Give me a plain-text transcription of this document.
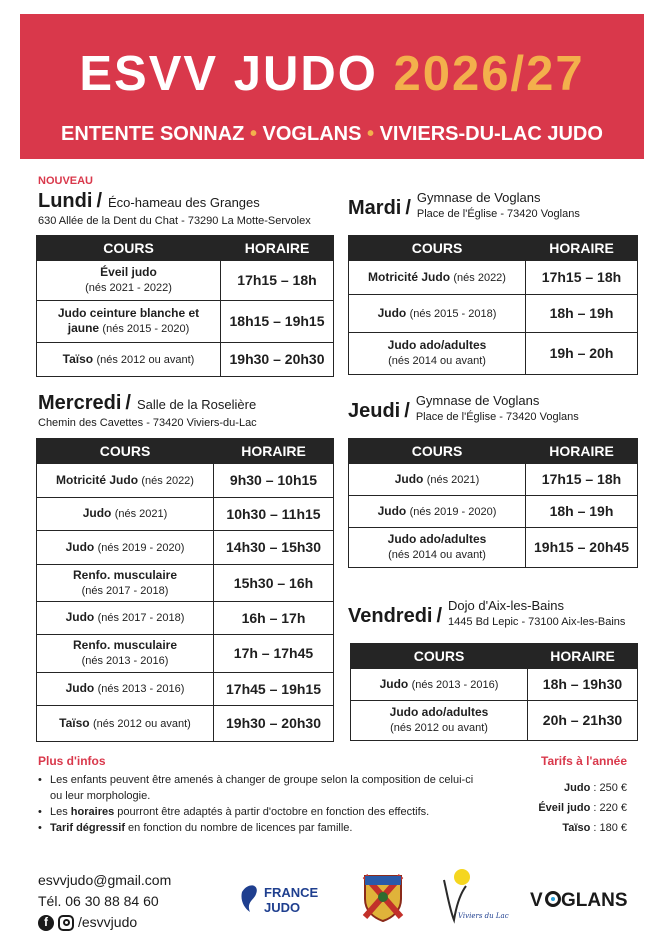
ESVV JUDO 2026/27
ENTENTE SONNAZ • VOGLANS • VIVIERS-DU-LAC JUDO
NOUVEAU
Lundi / Éco-hameau des Granges
630 Allée de la Dent du Chat - 73290 La Motte-Servolex
COURS	HORAIRE
Éveil judo
(nés 2021 - 2022)	17h15 – 18h
Judo ceinture blanche et jaune (nés 2015 - 2020)	18h15 – 19h15
Taïso (nés 2012 ou avant)	19h30 – 20h30
Mardi / Gymnase de Voglans
Place de l'Église - 73420 Voglans
COURS	HORAIRE
Motricité Judo (nés 2022)	17h15 – 18h
Judo (nés 2015 - 2018)	18h – 19h
Judo ado/adultes
(nés 2014 ou avant)	19h – 20h
Mercredi / Salle de la Roselière
Chemin des Cavettes - 73420 Viviers-du-Lac
COURS	HORAIRE
Motricité Judo (nés 2022)	9h30 – 10h15
Judo (nés 2021)	10h30 – 11h15
Judo (nés 2019 - 2020)	14h30 – 15h30
Renfo. musculaire
(nés 2017 - 2018)	15h30 – 16h
Judo (nés 2017 - 2018)	16h – 17h
Renfo. musculaire
(nés 2013 - 2016)	17h – 17h45
Judo (nés 2013 - 2016)	17h45 – 19h15
Taïso (nés 2012 ou avant)	19h30 – 20h30
Jeudi / Gymnase de Voglans
Place de l'Église - 73420 Voglans
COURS	HORAIRE
Judo (nés 2021)	17h15 – 18h
Judo (nés 2019 - 2020)	18h – 19h
Judo ado/adultes
(nés 2014 ou avant)	19h15 – 20h45
Vendredi / Dojo d'Aix-les-Bains
1445 Bd Lepic - 73100 Aix-les-Bains
COURS	HORAIRE
Judo (nés 2013 - 2016)	18h – 19h30
Judo ado/adultes
(nés 2012 ou avant)	20h – 21h30
Plus d'infos
• Les enfants peuvent être amenés à changer de groupe selon la composition de celui-ci ou leur morphologie.
• Les horaires pourront être adaptés à partir d'octobre en fonction des effectifs.
• Tarif dégressif en fonction du nombre de licences par famille.
Tarifs à l'année
Judo : 250 €
Éveil judo : 220 €
Taïso : 180 €
esvvjudo@gmail.com
Tél. 06 30 88 84 60
f	/esvvjudo
FRANCE
JUDO
Viviers du Lac
V GLANS
